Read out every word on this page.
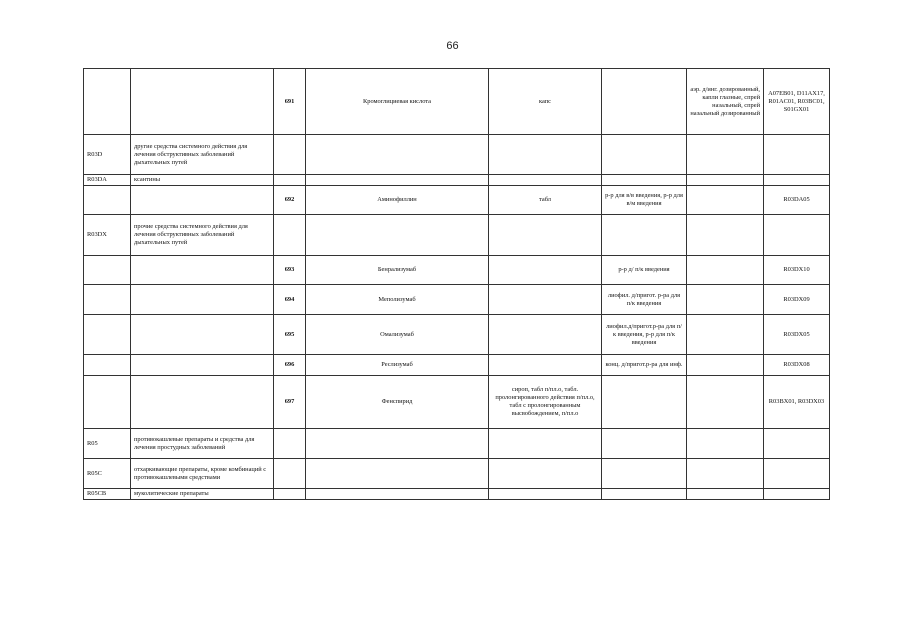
66
		691	Кромоглициевая кислота	капс		аэр. д/инг. дозированный, капли глазные, спрей назальный, спрей назальный дозированный	A07EB01, D11AX17, R01AC01, R03BC01, S01GX01
R03D	другие средства системного действия для лечения обструктивных заболеваний дыхательных путей						
R03DA	ксантины						
		692	Аминофиллин	табл	р-р для в/в введения, р-р для в/м введения		R03DA05
R03DX	прочие средства системного действия для лечения обструктивных заболеваний дыхательных путей						
		693	Бенрализумаб		р-р д/ п/к введения		R03DX10
		694	Меполизумаб		лиофил. д/пригот. р-ра для п/к введения		R03DX09
		695	Омализумаб		лиофил.д/пригот.р-ра для п/к введения, р-р для п/к введения		R03DX05
		696	Реслизумаб		конц. д/пригот.р-ра для инф.		R03DX08
		697	Фенспирид	сироп, табл п/пл.о, табл. пролонгированного действия п/пл.о, табл с пролонгированным высвобождением, п/пл.о			R03BX01, R03DX03
R05	противокашлевые препараты и средства для лечения простудных заболеваний						
R05C	отхаркивающие препараты, кроме комбинаций с противокашлевыми средствами						
R05CB	муколитические препараты						
